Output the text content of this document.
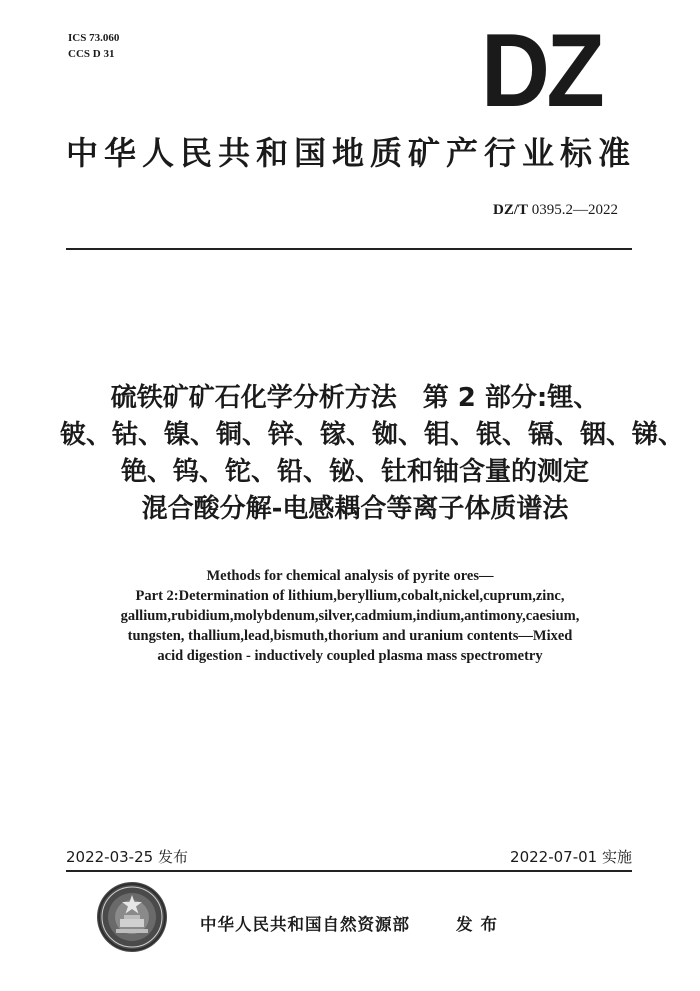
ICS 73.060
CCS D 31	DZ
中华人民共和国地质矿产行业标准
DZ/T 0395.2—2022
硫铁矿矿石化学分析方法　第 2 部分:锂、
铍、钴、镍、铜、锌、镓、铷、钼、银、镉、铟、锑、
铯、钨、铊、铅、铋、钍和铀含量的测定
混合酸分解-电感耦合等离子体质谱法
Methods for chemical analysis of pyrite ores—
Part 2:Determination of lithium,beryllium,cobalt,nickel,cuprum,zinc,
gallium,rubidium,molybdenum,silver,cadmium,indium,antimony,caesium,
tungsten, thallium,lead,bismuth,thorium and uranium contents—Mixed
acid digestion - inductively coupled plasma mass spectrometry
2022-03-25 发布	2022-07-01 实施
中华人民共和国自然资源部	发布
